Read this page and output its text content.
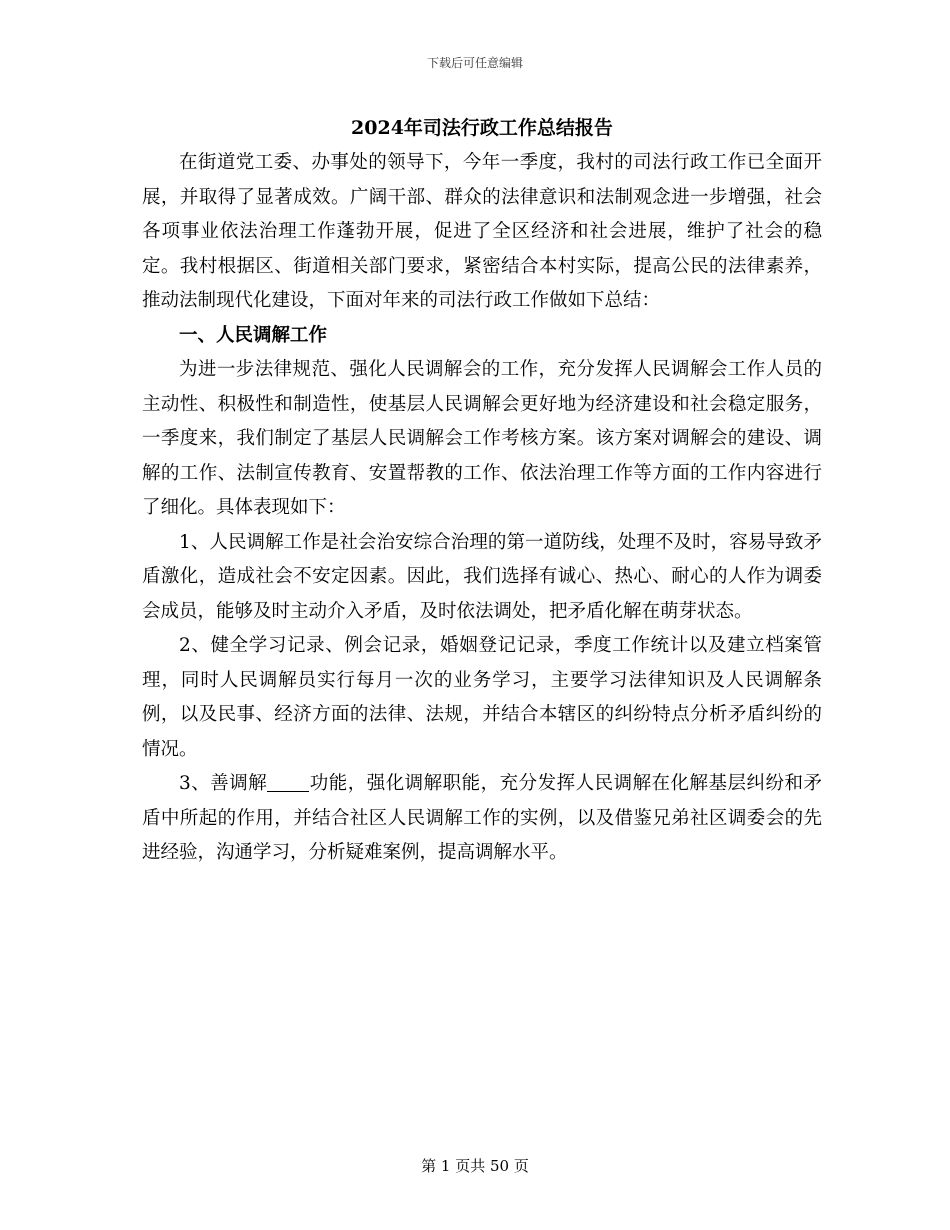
下载后可任意编辑
2024年司法行政工作总结报告

在街道党工委、办事处的领导下，今年一季度，我村的司法行政工作已全面开展，并取得了显著成效。广阔干部、群众的法律意识和法制观念进一步增强，社会各项事业依法治理工作蓬勃开展，促进了全区经济和社会进展，维护了社会的稳定。我村根据区、街道相关部门要求，紧密结合本村实际，提高公民的法律素养，推动法制现代化建设，下面对年来的司法行政工作做如下总结：

一、人民调解工作

为进一步法律规范、强化人民调解会的工作，充分发挥人民调解会工作人员的主动性、积极性和制造性，使基层人民调解会更好地为经济建设和社会稳定服务，一季度来，我们制定了基层人民调解会工作考核方案。该方案对调解会的建设、调解的工作、法制宣传教育、安置帮教的工作、依法治理工作等方面的工作内容进行了细化。具体表现如下：

1、人民调解工作是社会治安综合治理的第一道防线，处理不及时，容易导致矛盾激化，造成社会不安定因素。因此，我们选择有诚心、热心、耐心的人作为调委会成员，能够及时主动介入矛盾，及时依法调处，把矛盾化解在萌芽状态。

2、健全学习记录、例会记录，婚姻登记记录，季度工作统计以及建立档案管理，同时人民调解员实行每月一次的业务学习，主要学习法律知识及人民调解条例，以及民事、经济方面的法律、法规，并结合本辖区的纠纷特点分析矛盾纠纷的情况。

3、善调解 功能，强化调解职能，充分发挥人民调解在化解基层纠纷和矛盾中所起的作用，并结合社区人民调解工作的实例，以及借鉴兄弟社区调委会的先进经验，沟通学习，分析疑难案例，提高调解水平。

第 1 页共 50 页
